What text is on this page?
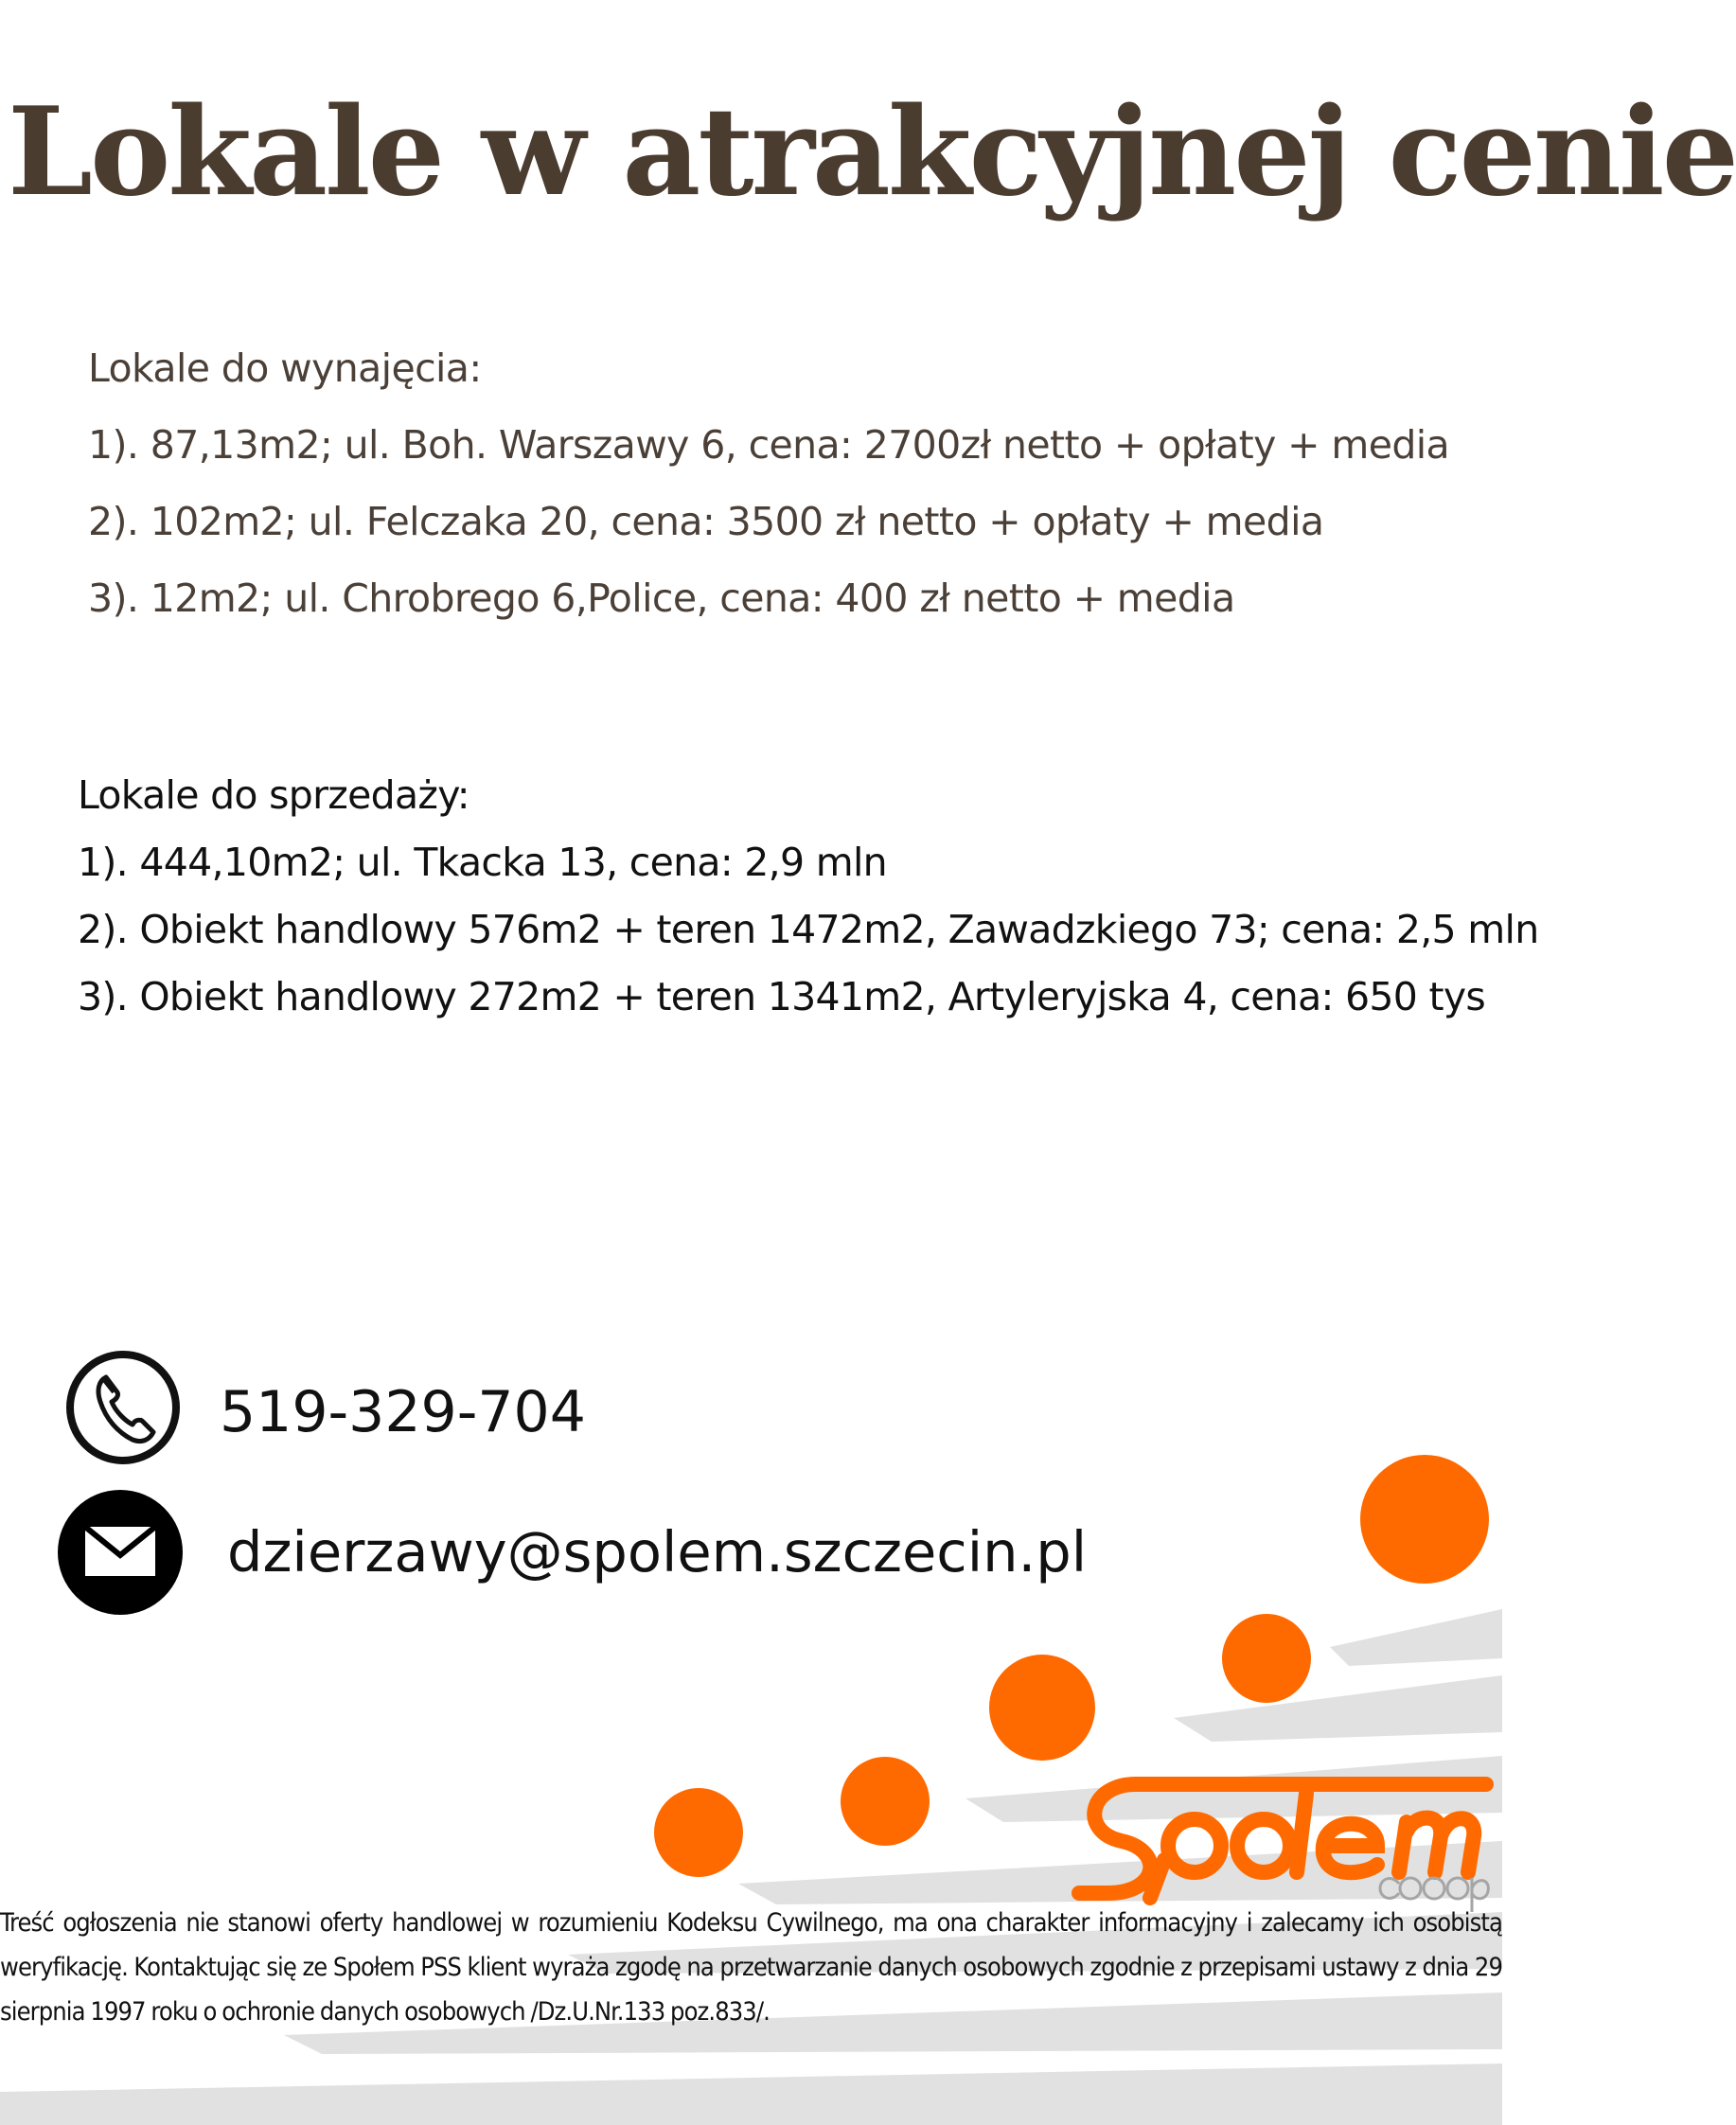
Lokale w atrakcyjnej cenie
Lokale do wynajęcia:
1). 87,13m2; ul. Boh. Warszawy 6, cena: 2700zł netto + opłaty + media
2). 102m2; ul. Felczaka 20, cena: 3500 zł netto + opłaty + media
3). 12m2; ul. Chrobrego 6,Police, cena: 400 zł netto + media
Lokale do sprzedaży:
1). 444,10m2; ul. Tkacka 13, cena: 2,9 mln
2). Obiekt handlowy 576m2 + teren 1472m2, Zawadzkiego 73; cena: 2,5 mln
3). Obiekt handlowy 272m2 + teren 1341m2, Artyleryjska 4, cena: 650 tys
519-329-704
dzierzawy@spolem.szczecin.pl

Treść ogłoszenia nie stanowi oferty handlowej w rozumieniu Kodeksu Cywilnego, ma ona charakter informacyjny i zalecamy ich osobistą weryfikację. Kontaktując się ze Społem PSS klient wyraża zgodę na przetwarzanie danych osobowych zgodnie z przepisami ustawy z dnia 29 sierpnia 1997 roku o ochronie danych osobowych /Dz.U.Nr.133 poz.833/.
